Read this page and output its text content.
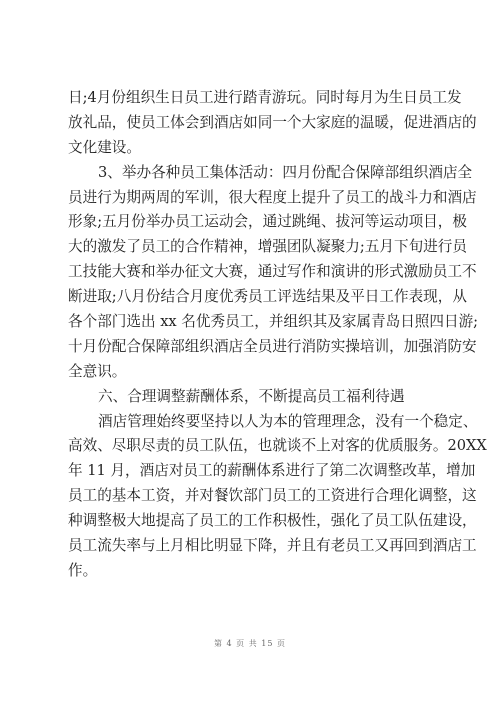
日;4月份组织生日员工进行踏青游玩。同时每月为生日员工发
放礼品，使员工体会到酒店如同一个大家庭的温暖，促进酒店的
文化建设。
3、举办各种员工集体活动：四月份配合保障部组织酒店全
员进行为期两周的军训，很大程度上提升了员工的战斗力和酒店
形象;五月份举办员工运动会，通过跳绳、拔河等运动项目，极
大的激发了员工的合作精神，增强团队凝聚力;五月下旬进行员
工技能大赛和举办征文大赛，通过写作和演讲的形式激励员工不
断进取;八月份结合月度优秀员工评选结果及平日工作表现，从
各个部门选出 xx 名优秀员工，并组织其及家属青岛日照四日游;
十月份配合保障部组织酒店全员进行消防实操培训，加强消防安
全意识。
六、合理调整薪酬体系，不断提高员工福利待遇
酒店管理始终要坚持以人为本的管理理念，没有一个稳定、
高效、尽职尽责的员工队伍，也就谈不上对客的优质服务。20XX
年 11 月，酒店对员工的薪酬体系进行了第二次调整改革，增加
员工的基本工资，并对餐饮部门员工的工资进行合理化调整，这
种调整极大地提高了员工的工作积极性，强化了员工队伍建设，
员工流失率与上月相比明显下降，并且有老员工又再回到酒店工
作。
第 4 页 共 15 页
